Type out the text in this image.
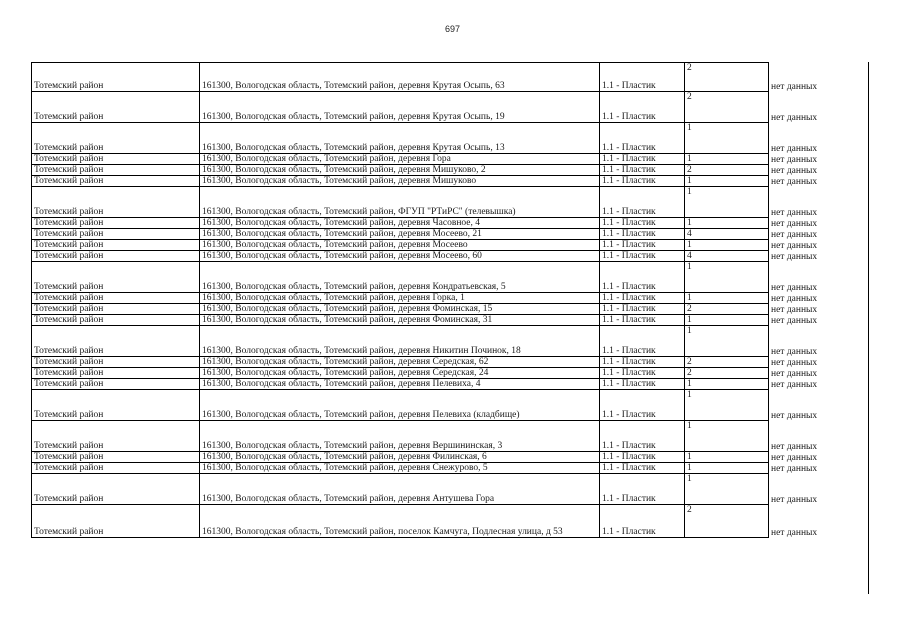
697
Тотемский район	161300, Вологодская область, Тотемский район, деревня Крутая Осыпь, 63	1.1 - Пластик	2	нет данных
Тотемский район	161300, Вологодская область, Тотемский район, деревня Крутая Осыпь, 19	1.1 - Пластик	2	нет данных
Тотемский район	161300, Вологодская область, Тотемский район, деревня Крутая Осыпь, 13	1.1 - Пластик	1	нет данных
Тотемский район	161300, Вологодская область, Тотемский район, деревня Гора	1.1 - Пластик	1	нет данных
Тотемский район	161300, Вологодская область, Тотемский район, деревня Мишуково, 2	1.1 - Пластик	2	нет данных
Тотемский район	161300, Вологодская область, Тотемский район, деревня Мишуково	1.1 - Пластик	1	нет данных
Тотемский район	161300, Вологодская область, Тотемский район, ФГУП "РТиРС" (телевышка)	1.1 - Пластик	1	нет данных
Тотемский район	161300, Вологодская область, Тотемский район, деревня Часовное, 4	1.1 - Пластик	1	нет данных
Тотемский район	161300, Вологодская область, Тотемский район, деревня Мосеево, 21	1.1 - Пластик	4	нет данных
Тотемский район	161300, Вологодская область, Тотемский район, деревня Мосеево	1.1 - Пластик	1	нет данных
Тотемский район	161300, Вологодская область, Тотемский район, деревня Мосеево, 60	1.1 - Пластик	4	нет данных
Тотемский район	161300, Вологодская область, Тотемский район, деревня Кондратьевская, 5	1.1 - Пластик	1	нет данных
Тотемский район	161300, Вологодская область, Тотемский район, деревня Горка, 1	1.1 - Пластик	1	нет данных
Тотемский район	161300, Вологодская область, Тотемский район, деревня Фоминская, 15	1.1 - Пластик	2	нет данных
Тотемский район	161300, Вологодская область, Тотемский район, деревня Фоминская, 31	1.1 - Пластик	1	нет данных
Тотемский район	161300, Вологодская область, Тотемский район, деревня Никитин Починок, 18	1.1 - Пластик	1	нет данных
Тотемский район	161300, Вологодская область, Тотемский район, деревня Середская, 62	1.1 - Пластик	2	нет данных
Тотемский район	161300, Вологодская область, Тотемский район, деревня Середская, 24	1.1 - Пластик	2	нет данных
Тотемский район	161300, Вологодская область, Тотемский район, деревня Пелевиха, 4	1.1 - Пластик	1	нет данных
Тотемский район	161300, Вологодская область, Тотемский район, деревня Пелевиха (кладбище)	1.1 - Пластик	1	нет данных
Тотемский район	161300, Вологодская область, Тотемский район, деревня Вершининская, 3	1.1 - Пластик	1	нет данных
Тотемский район	161300, Вологодская область, Тотемский район, деревня Филинская, 6	1.1 - Пластик	1	нет данных
Тотемский район	161300, Вологодская область, Тотемский район, деревня Снежурово, 5	1.1 - Пластик	1	нет данных
Тотемский район	161300, Вологодская область, Тотемский район, деревня Антушева Гора	1.1 - Пластик	1	нет данных
Тотемский район	161300, Вологодская область, Тотемский район, поселок Камчуга, Подлесная улица, д 53	1.1 - Пластик	2	нет данных
